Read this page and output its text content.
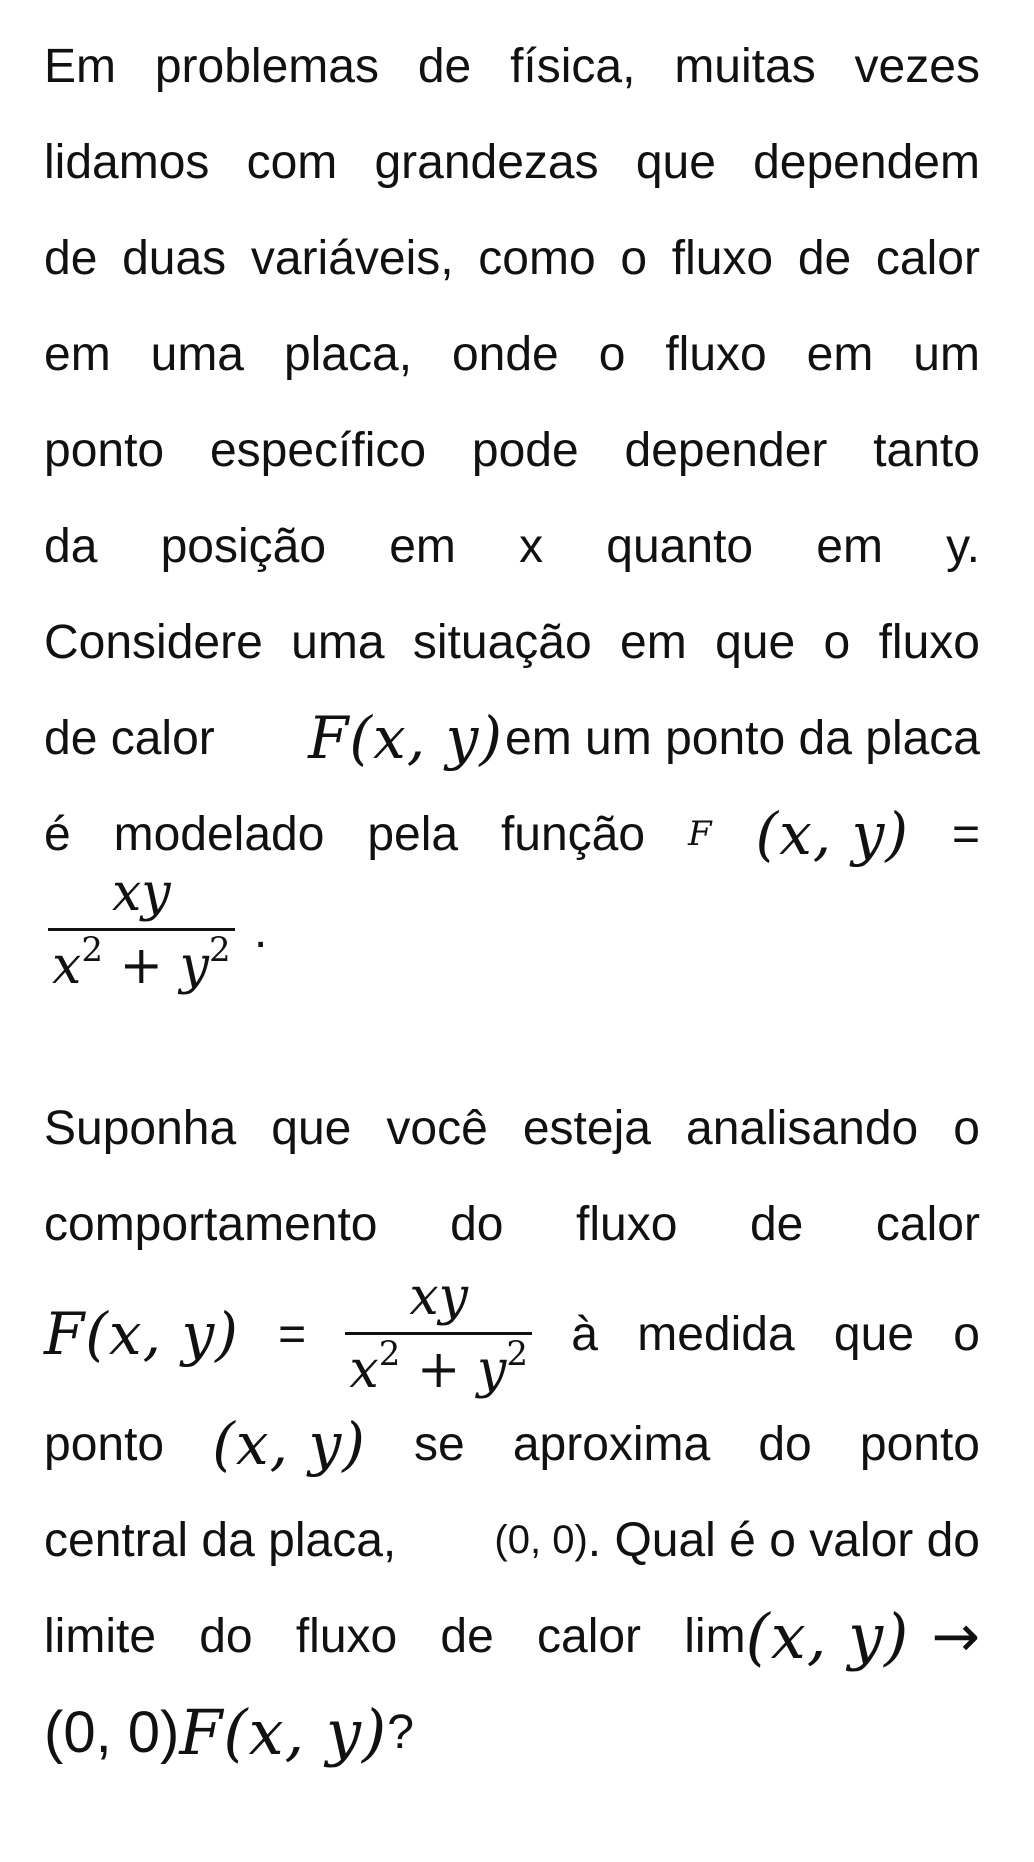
Em problemas de física, muitas vezes
lidamos com grandezas que dependem
de duas variáveis, como o fluxo de calor
em uma placa, onde o fluxo em um
ponto específico pode depender tanto
da posição em x quanto em y.
Considere uma situação em que o fluxo
de calor F(x, y) em um ponto da placa
é modelado pela função F (x, y) =
$\frac{xy}{x^2 + y^2}$ .
Suponha que você esteja analisando o
comportamento do fluxo de calor
F(x, $y) = \frac{xy}{x^2 + y^2}$ à medida que o
ponto (x, y) se aproxima do ponto
central da placa, (0, 0) . Qual é o valor do
limite do fluxo de calor lim (x, y) →
(0, 0) F(x, y) ?
